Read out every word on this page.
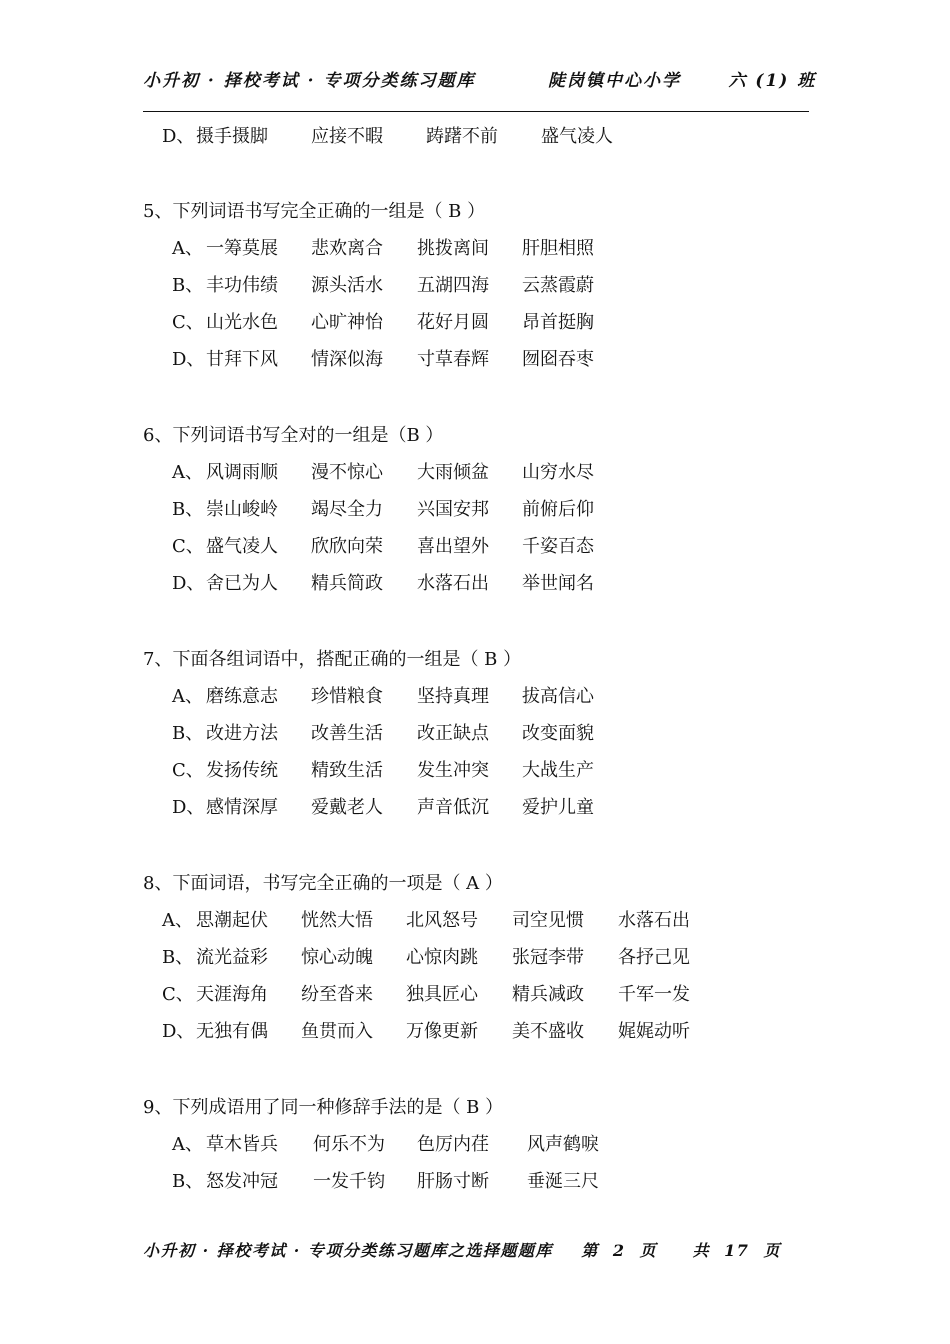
小升初 · 择校考试 · 专项分类练习题库	陡岗镇中心小学      六 (1) 班
D、 摄手摄脚 应接不暇 踌躇不前 盛气凌人
5、下列词语书写完全正确的一组是（ B ）
A、 一筹莫展 悲欢离合 挑拨离间 肝胆相照
B、 丰功伟绩 源头活水 五湖四海 云蒸霞蔚
C、 山光水色 心旷神怡 花好月圆 昂首挺胸
D、 甘拜下风 情深似海 寸草春辉 囫囵吞枣
6、下列词语书写全对的一组是（B ）
A、 风调雨顺 漫不惊心 大雨倾盆 山穷水尽
B、 崇山峻岭 竭尽全力 兴国安邦 前俯后仰
C、 盛气凌人 欣欣向荣 喜出望外 千姿百态
D、 舍已为人 精兵简政 水落石出 举世闻名
7、下面各组词语中，搭配正确的一组是（ B ）
A、 磨练意志 珍惜粮食 坚持真理 拔高信心
B、 改进方法 改善生活 改正缺点 改变面貌
C、 发扬传统 精致生活 发生冲突 大战生产
D、 感情深厚 爱戴老人 声音低沉 爱护儿童
8、下面词语，书写完全正确的一项是（ A ）
A、 思潮起伏 恍然大悟 北风怒号 司空见惯 水落石出
B、 流光益彩 惊心动魄 心惊肉跳 张冠李带 各抒己见
C、 天涯海角 纷至沓来 独具匠心 精兵减政 千军一发
D、 无独有偶 鱼贯而入 万像更新 美不盛收 娓娓动听
9、下列成语用了同一种修辞手法的是（ B ）
A、 草木皆兵 何乐不为 色厉内荏 风声鹤唳
B、 怒发冲冠 一发千钧 肝肠寸断 垂涎三尺
小升初 · 择校考试 · 专项分类练习题库之选择题题库 第  2  页 共  17  页
